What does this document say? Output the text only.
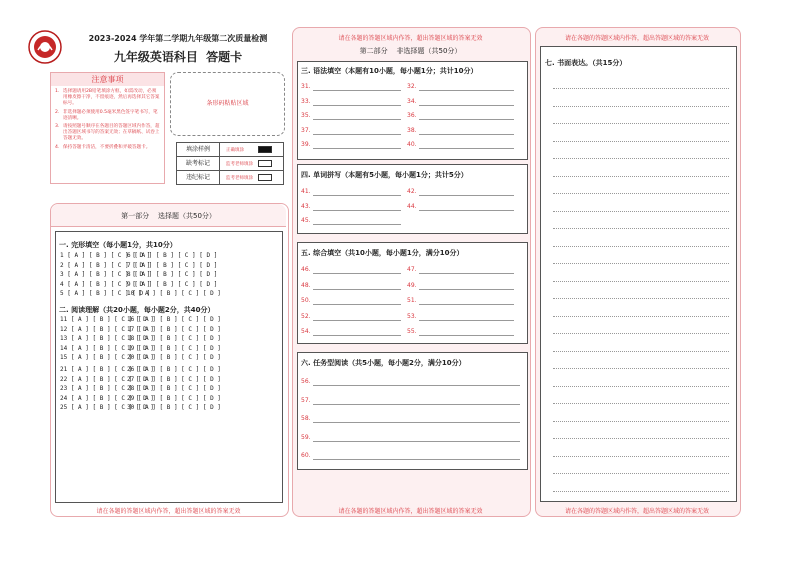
2023-2024 学年第二学期九年级第二次质量检测
九年级英语科目  答题卡
注意事项
1. 选择题请用2B铅笔填涂方框，如需改动，必须用橡皮擦干净，不留痕迹，然后再选择其它答案标号。
2. 非选择题必须使用0.5毫米黑色签字笔书写，笔迹清晰。
3. 请按照题号顺序在各题目的答题区域内作答，超出答题区域书写的答案无效；在草稿纸、试卷上答题无效。
4. 保持答题卡清洁，不要折叠和弄破答题卡。
条形码粘贴区域
填涂样例	正确填涂
缺考标记	监考老师填涂
违纪标记	监考老师填涂
第一部分    选择题（共50分）
一. 完形填空（每小题1分，共10分）
1 [ A ] [ B ] [ C ] [ D ]
2 [ A ] [ B ] [ C ] [ D ]
3 [ A ] [ B ] [ C ] [ D ]
4 [ A ] [ B ] [ C ] [ D ]
5 [ A ] [ B ] [ C ] [ D ]
6 [ A ] [ B ] [ C ] [ D ]
7 [ A ] [ B ] [ C ] [ D ]
8 [ A ] [ B ] [ C ] [ D ]
9 [ A ] [ B ] [ C ] [ D ]
10 [ A ] [ B ] [ C ] [ D ]
二. 阅读理解（共20小题，每小题2分，共40分）
11 [ A ] [ B ] [ C ] [ D ]
12 [ A ] [ B ] [ C ] [ D ]
13 [ A ] [ B ] [ C ] [ D ]
14 [ A ] [ B ] [ C ] [ D ]
15 [ A ] [ B ] [ C ] [ D ]
16 [ A ] [ B ] [ C ] [ D ]
17 [ A ] [ B ] [ C ] [ D ]
18 [ A ] [ B ] [ C ] [ D ]
19 [ A ] [ B ] [ C ] [ D ]
20 [ A ] [ B ] [ C ] [ D ]
21 [ A ] [ B ] [ C ] [ D ]
22 [ A ] [ B ] [ C ] [ D ]
23 [ A ] [ B ] [ C ] [ D ]
24 [ A ] [ B ] [ C ] [ D ]
25 [ A ] [ B ] [ C ] [ D ]
26 [ A ] [ B ] [ C ] [ D ]
27 [ A ] [ B ] [ C ] [ D ]
28 [ A ] [ B ] [ C ] [ D ]
29 [ A ] [ B ] [ C ] [ D ]
30 [ A ] [ B ] [ C ] [ D ]
请在各题的答题区域内作答，超出答题区域的答案无效
请在各题的答题区域内作答，超出答题区域的答案无效
第二部分    非选择题（共50分）
三. 语法填空（本题有10小题，每小题1分；共计10分）
四. 单词拼写（本题有5小题，每小题1分；共计5分）
五. 综合填空（共10小题，每小题1分，满分10分）
六. 任务型阅读（共5小题，每小题2分，满分10分）
31.	32.
33.	34.
35.	36.
37.	38.
39.	40.
41.	42.
43.	44.
45.
46.	47.
48.	49.
50.	51.
52.	53.
54.	55.
56.
57.
58.
59.
60.
请在各题的答题区域内作答，超出答题区域的答案无效
请在各题的答题区域内作答，超出答题区域的答案无效
七. 书面表达。（共15分）
请在各题的答题区域内作答，超出答题区域的答案无效
